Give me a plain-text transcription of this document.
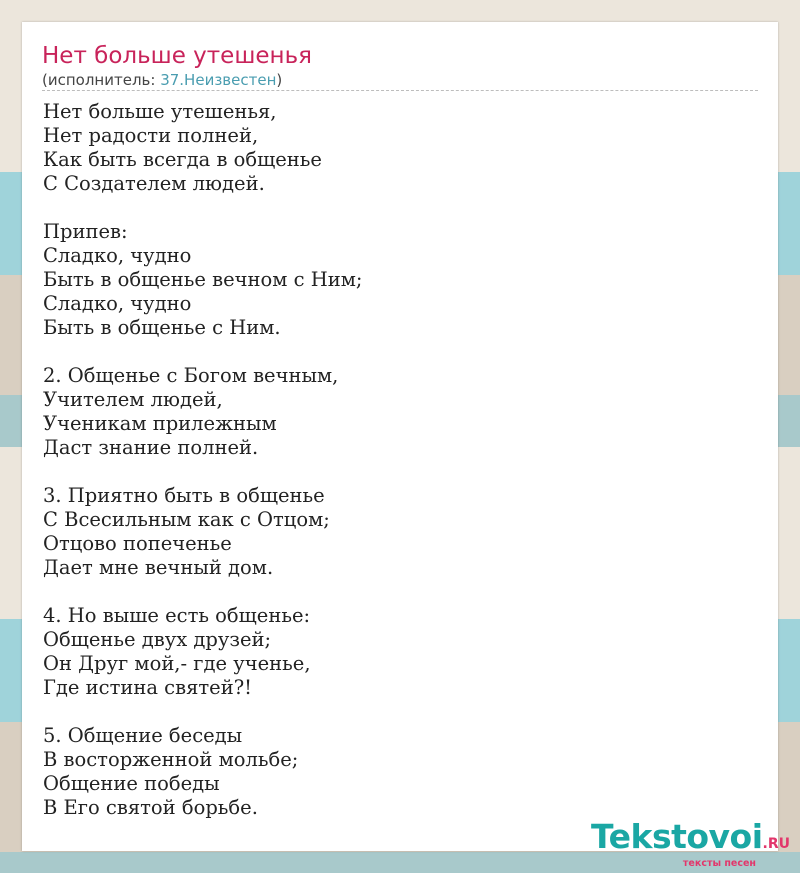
Нет больше утешенья
(исполнитель: 37.Неизвестен)
Нет больше утешенья,
Нет радости полней,
Как быть всегда в общенье
С Создателем людей.
Припев:
Сладко, чудно
Быть в общенье вечном с Ним;
Сладко, чудно
Быть в общенье с Ним.
2. Общенье с Богом вечным,
Учителем людей,
Ученикам прилежным
Даст знание полней.
3. Приятно быть в общенье
С Всесильным как с Отцом;
Отцово попеченье
Дает мне вечный дом.
4. Но выше есть общенье:
Общенье двух друзей;
Он Друг мой,- где ученье,
Где истина святей?!
5. Общение беседы
В восторженной мольбе;
Общение победы
В Его святой борьбе.
Tekstovoi.RU
тексты песен
